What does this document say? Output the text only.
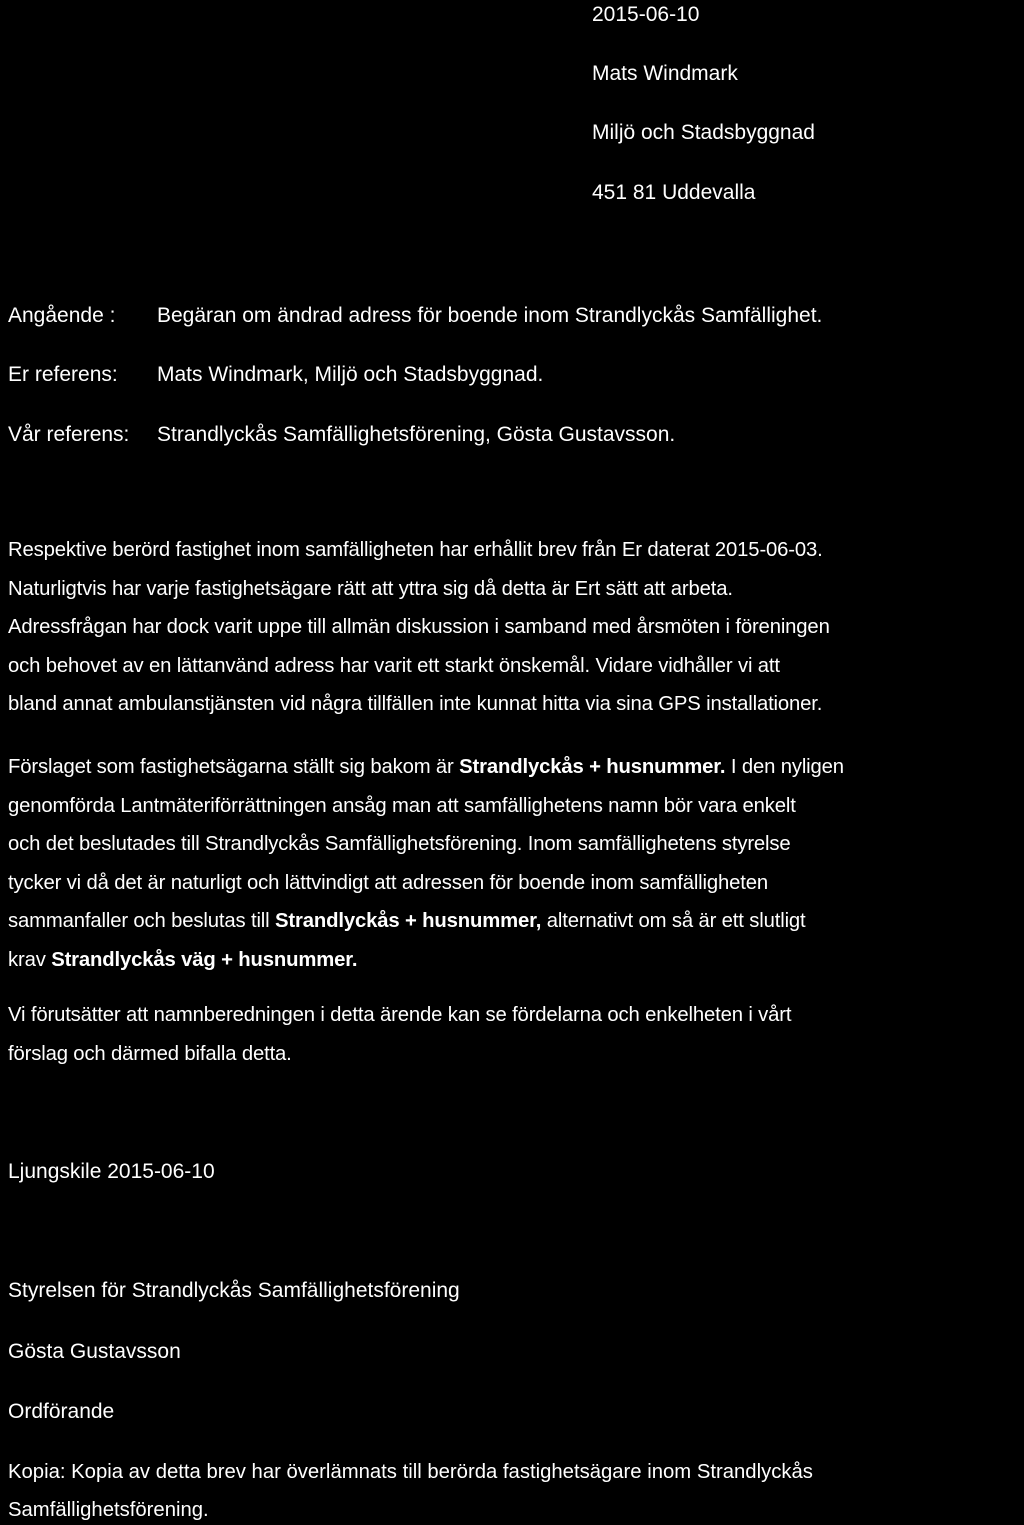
2015-06-10
Mats Windmark
Miljö och Stadsbyggnad
451 81 Uddevalla
Angående : Begäran om ändrad adress för boende inom Strandlyckås Samfällighet.
Er referens: Mats Windmark, Miljö och Stadsbyggnad.
Vår referens: Strandlyckås Samfällighetsförening, Gösta Gustavsson.

Respektive berörd fastighet inom samfälligheten har erhållit brev från Er daterat 2015-06-03.

Naturligtvis har varje fastighetsägare rätt att yttra sig då detta är Ert sätt att arbeta.

Adressfrågan har dock varit uppe till allmän diskussion i samband med årsmöten i föreningen

och behovet av en lättanvänd adress har varit ett starkt önskemål. Vidare vidhåller vi att

bland annat ambulanstjänsten vid några tillfällen inte kunnat hitta via sina GPS installationer.

Förslaget som fastighetsägarna ställt sig bakom är Strandlyckås + husnummer. I den nyligen

genomförda Lantmäteriförrättningen ansåg man att samfällighetens namn bör vara enkelt

och det beslutades till Strandlyckås Samfällighetsförening. Inom samfällighetens styrelse

tycker vi då det är naturligt och lättvindigt att adressen för boende inom samfälligheten

sammanfaller och beslutas till Strandlyckås + husnummer, alternativt om så är ett slutligt

krav Strandlyckås väg + husnummer.

Vi förutsätter att namnberedningen i detta ärende kan se fördelarna och enkelheten i vårt

förslag och därmed bifalla detta.

Ljungskile 2015-06-10
Styrelsen för Strandlyckås Samfällighetsförening
Gösta Gustavsson
Ordförande
Kopia: Kopia av detta brev har överlämnats till berörda fastighetsägare inom Strandlyckås
Samfällighetsförening.
